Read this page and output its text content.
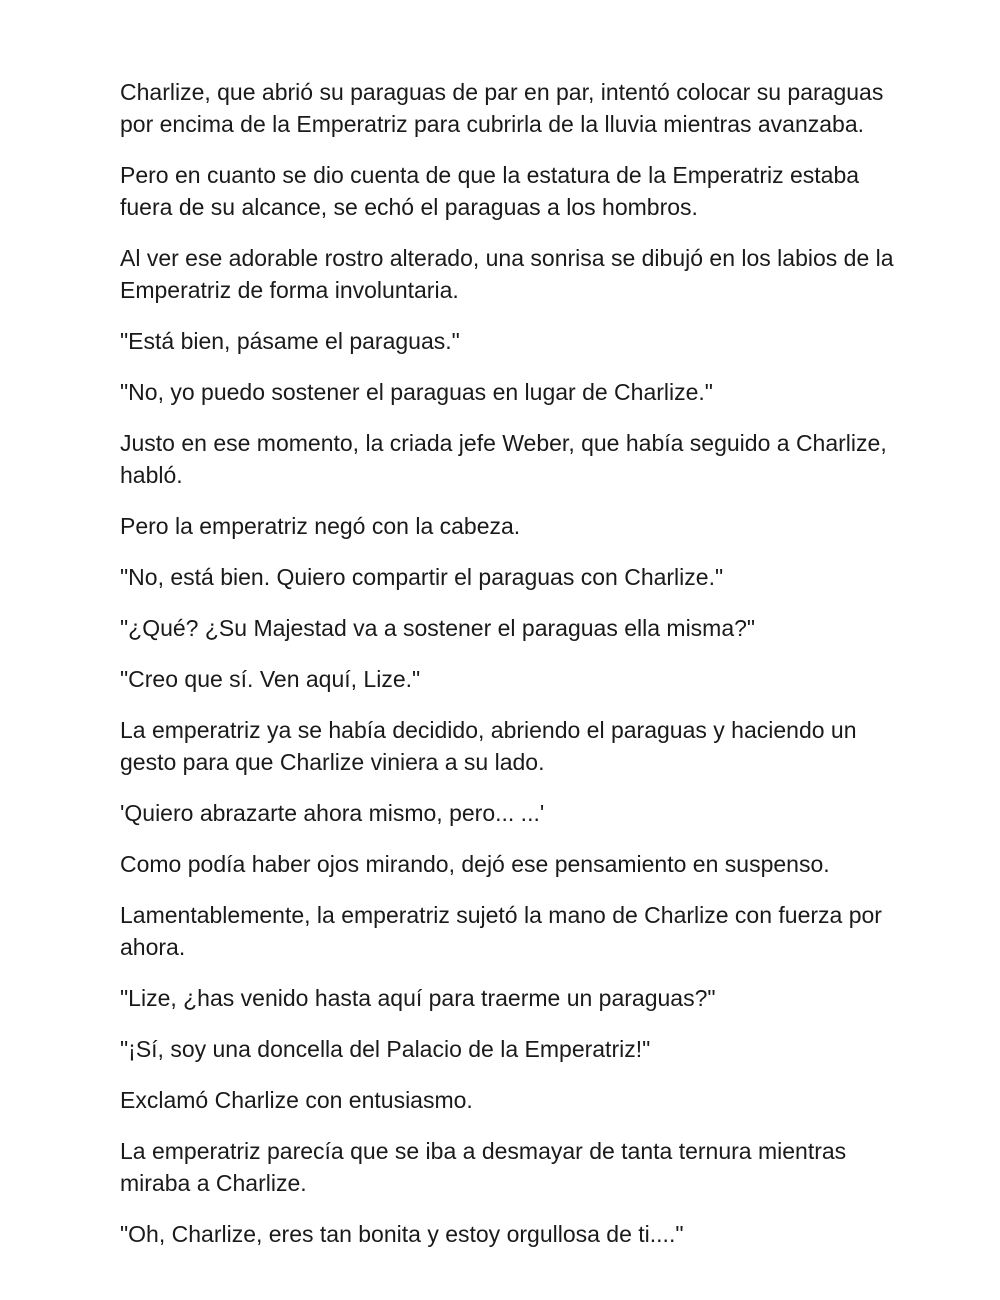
Charlize, que abrió su paraguas de par en par, intentó colocar su paraguas por encima de la Emperatriz para cubrirla de la lluvia mientras avanzaba.

Pero en cuanto se dio cuenta de que la estatura de la Emperatriz estaba fuera de su alcance, se echó el paraguas a los hombros.

Al ver ese adorable rostro alterado, una sonrisa se dibujó en los labios de la Emperatriz de forma involuntaria.

"Está bien, pásame el paraguas."

"No, yo puedo sostener el paraguas en lugar de Charlize."

Justo en ese momento, la criada jefe Weber, que había seguido a Charlize, habló.

Pero la emperatriz negó con la cabeza.

"No, está bien. Quiero compartir el paraguas con Charlize."

"¿Qué? ¿Su Majestad va a sostener el paraguas ella misma?"

"Creo que sí. Ven aquí, Lize."

La emperatriz ya se había decidido, abriendo el paraguas y haciendo un gesto para que Charlize viniera a su lado.

'Quiero abrazarte ahora mismo, pero... ...'

Como podía haber ojos mirando, dejó ese pensamiento en suspenso.

Lamentablemente, la emperatriz sujetó la mano de Charlize con fuerza por ahora.

"Lize, ¿has venido hasta aquí para traerme un paraguas?"

"¡Sí, soy una doncella del Palacio de la Emperatriz!"

Exclamó Charlize con entusiasmo.

La emperatriz parecía que se iba a desmayar de tanta ternura mientras miraba a Charlize.

"Oh, Charlize, eres tan bonita y estoy orgullosa de ti...."
